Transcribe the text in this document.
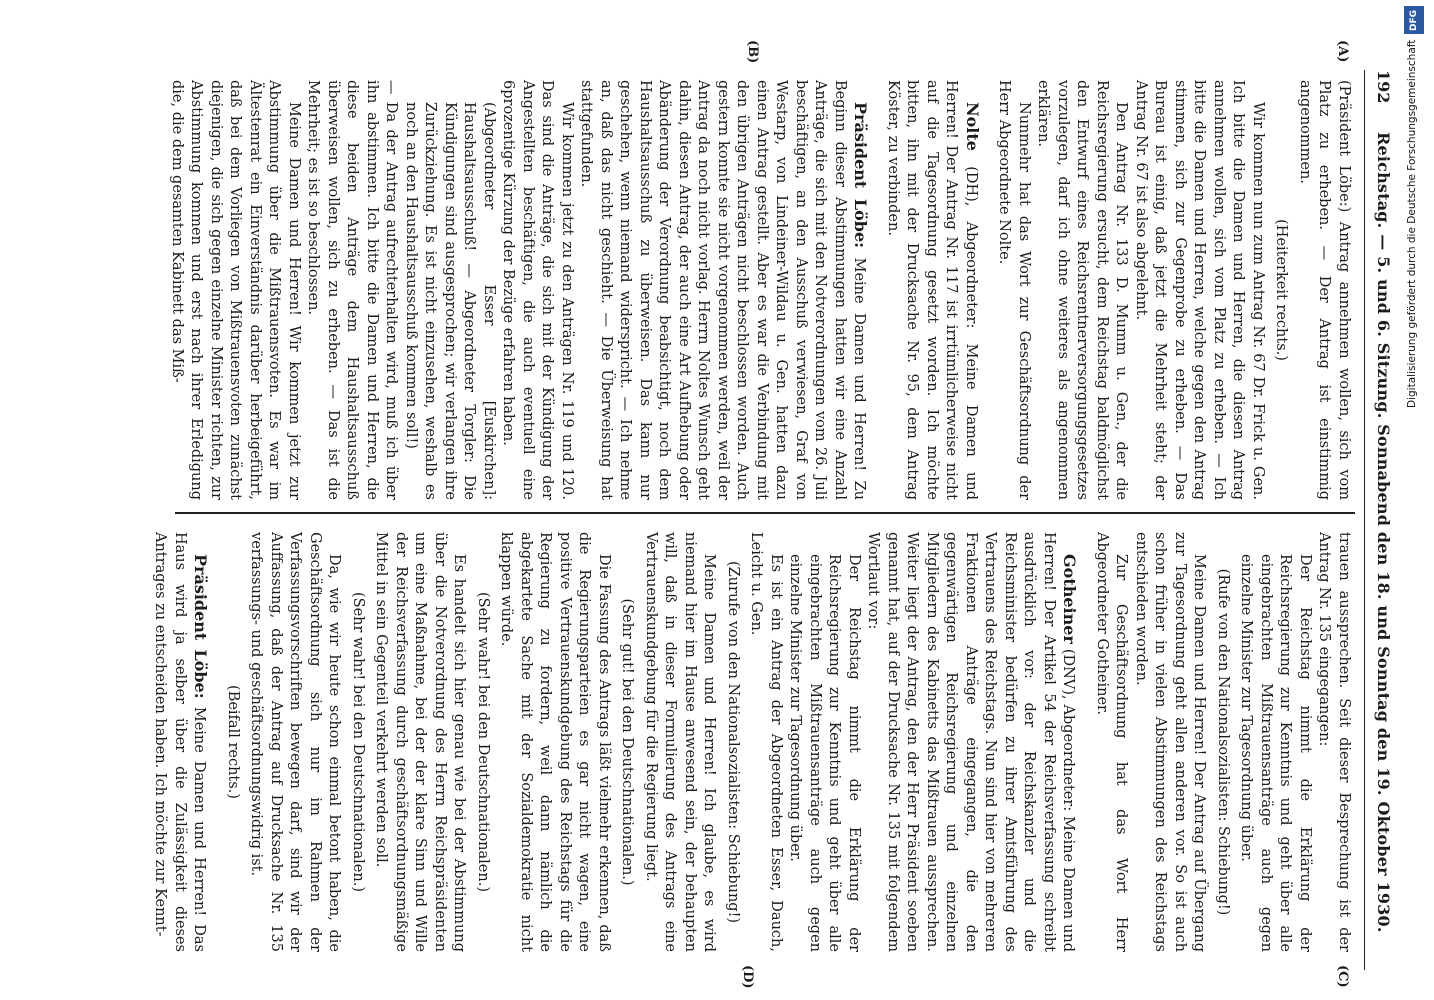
192
Reichstag. — 5. und 6. Sitzung. Sonnabend den 18. und Sonntag den 19. Oktober 1930.
(A)
(B)
(C)
(D)

(Präsident Löbe:) Antrag annehmen wollen, sich vom Platz zu erheben. — Der Antrag ist einstimmig angenommen.

(Heiterkeit rechts.)

Wir kommen nun zum Antrag Nr. 67 Dr. Frick u. Gen. Ich bitte die Damen und Herren, die diesen Antrag annehmen wollen, sich vom Platz zu erheben. — Ich bitte die Damen und Herren, welche gegen den Antrag stimmen, sich zur Gegenprobe zu erheben. — Das Bureau ist einig, daß jetzt die Mehrheit steht; der Antrag Nr. 67 ist also abgelehnt.

Den Antrag Nr. 133 D. Mumm u. Gen., der die Reichsregierung ersucht, dem Reichstag baldmöglichst den Entwurf eines Reichsrentnerversorgungsgesetzes vorzulegen, darf ich ohne weiteres als angenommen erklären.

Nunmehr hat das Wort zur Geschäftsordnung der Herr Abgeordnete Nolte.

Nolte (DH), Abgeordneter: Meine Damen und Herren! Der Antrag Nr. 117 ist irrtümlicherweise nicht auf die Tagesordnung gesetzt worden. Ich möchte bitten, ihn mit der Drucksache Nr. 95, dem Antrag Köster, zu verbinden.

Präsident Löbe: Meine Damen und Herren! Zu Beginn dieser Abstimmungen hatten wir eine Anzahl Anträge, die sich mit den Notverordnungen vom 26. Juli beschäftigen, an den Ausschuß verwiesen, Graf von Westarp, von Lindeiner-Wildau u. Gen. hatten dazu einen Antrag gestellt. Aber es war die Verbindung mit den übrigen Anträgen nicht beschlossen worden. Auch gestern konnte sie nicht vorgenommen werden, weil der Antrag da noch nicht vorlag. Herrn Noltes Wunsch geht dahin, diesen Antrag, der auch eine Art Aufhebung oder Abänderung der Verordnung beabsichtigt, noch dem Haushaltsausschuß zu überweisen. Das kann nur geschehen, wenn niemand widerspricht. — Ich nehme an, daß das nicht geschieht. — Die Überweisung hat stattgefunden.

Wir kommen jetzt zu den Anträgen Nr. 119 und 120. Das sind die Anträge, die sich mit der Kündigung der Angestellten beschäftigen, die auch eventuell eine 6prozentige Kürzung der Bezüge erfahren haben.

(Abgeordneter Esser [Euskirchen]: Haushaltsausschuß! — Abgeordneter Torgler: Die Kündigungen sind ausgesprochen; wir verlangen ihre Zurückziehung. Es ist nicht einzusehen, weshalb es noch an den Haushaltsausschuß kommen soll!)

— Da der Antrag aufrechterhalten wird, muß ich über ihn abstimmen. Ich bitte die Damen und Herren, die diese beiden Anträge dem Haushaltsausschuß überweisen wollen, sich zu erheben. — Das ist die Mehrheit; es ist so beschlossen.

Meine Damen und Herren! Wir kommen jetzt zur Abstimmung über die Mißtrauensvoten. Es war im Ältestenrat ein Einverständnis darüber herbeigeführt, daß bei dem Vorliegen von Mißtrauensvoten zunächst diejenigen, die sich gegen einzelne Minister richten, zur Abstimmung kommen und erst nach ihrer Erledigung die, die dem gesamten Kabinett das Miß-

trauen aussprechen. Seit dieser Besprechung ist der Antrag Nr. 135 eingegangen:

Der Reichstag nimmt die Erklärung der Reichsregierung zur Kenntnis und geht über alle eingebrachten Mißtrauensanträge auch gegen einzelne Minister zur Tagesordnung über.

(Rufe von den Nationalsozialisten: Schiebung!)

Meine Damen und Herren! Der Antrag auf Übergang zur Tagesordnung geht allen anderen vor. So ist auch schon früher in vielen Abstimmungen des Reichstags entschieden worden.

Zur Geschäftsordnung hat das Wort Herr Abgeordneter Gotheiner.

Gotheiner (DNV), Abgeordneter: Meine Damen und Herren! Der Artikel 54 der Reichsverfassung schreibt ausdrücklich vor: der Reichskanzler und die Reichsminister bedürfen zu ihrer Amtsführung des Vertrauens des Reichstags. Nun sind hier von mehreren Fraktionen Anträge eingegangen, die den gegenwärtigen Reichsregierung und einzelnen Mitgliedern des Kabinetts das Mißtrauen aussprechen. Weiter liegt der Antrag, den der Herr Präsident soeben genannt hat, auf der Drucksache Nr. 135 mit folgendem Wortlaut vor:

Der Reichstag nimmt die Erklärung der Reichsregierung zur Kenntnis und geht über alle eingebrachten Mißtrauensanträge auch gegen einzelne Minister zur Tagesordnung über.

Es ist ein Antrag der Abgeordneten Esser, Dauch, Leicht u. Gen.

(Zurufe von den Nationalsozialisten: Schiebung!)

Meine Damen und Herren! Ich glaube, es wird niemand hier im Hause anwesend sein, der behaupten will, daß in dieser Formulierung des Antrags eine Vertrauenskundgebung für die Regierung liegt.

(Sehr gut! bei den Deutschnationalen.)

Die Fassung des Antrags läßt vielmehr erkennen, daß die Regierungsparteien es gar nicht wagen, eine positive Vertrauenskundgebung des Reichstags für die Regierung zu fordern, weil dann nämlich die abgekartete Sache mit der Sozialdemokratie nicht klappen würde.

(Sehr wahr! bei den Deutschnationalen.)

Es handelt sich hier genau wie bei der Abstimmung über die Notverordnung des Herrn Reichspräsidenten um eine Maßnahme, bei der der klare Sinn und Wille der Reichsverfassung durch geschäftsordnungsmäßige Mittel in sein Gegenteil verkehrt werden soll.

(Sehr wahr! bei den Deutschnationalen.)

Da, wie wir heute schon einmal betont haben, die Geschäftsordnung sich nur im Rahmen der Verfassungsvorschriften bewegen darf, sind wir der Auffassung, daß der Antrag auf Drucksache Nr. 135 verfassungs- und geschäftsordnungswidrig ist.

(Beifall rechts.)

Präsident Löbe: Meine Damen und Herren! Das Haus wird ja selber über die Zulässigkeit dieses Antrages zu entscheiden haben. Ich möchte zur Kennt-

DFG
Digitalisierung gefördert durch die Deutsche Forschungsgemeinschaft
